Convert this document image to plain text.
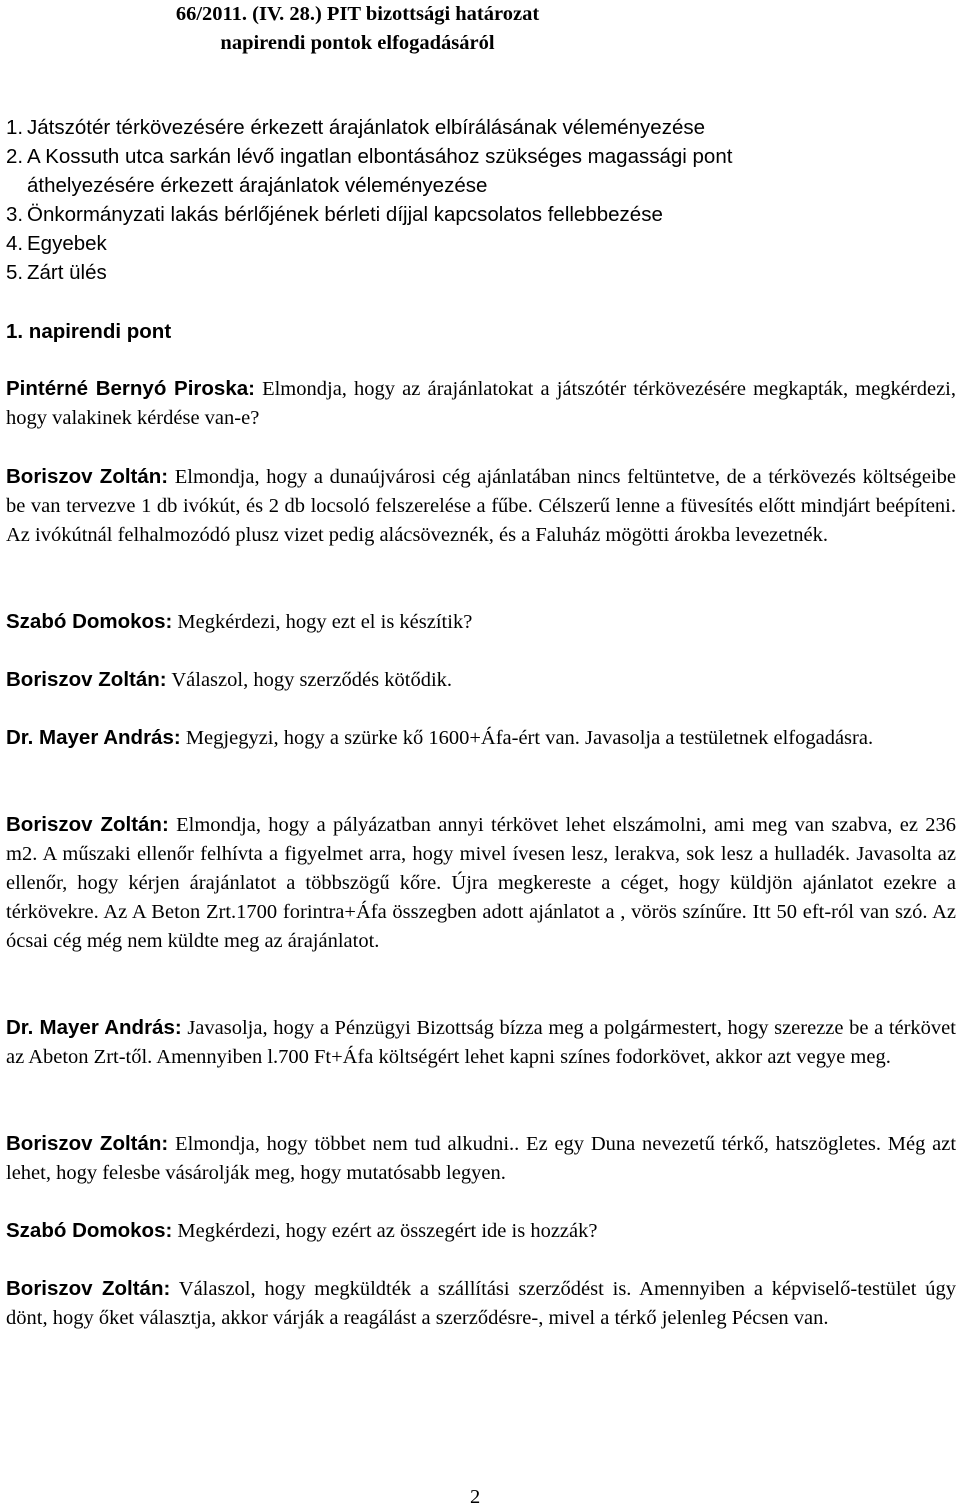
66/2011. (IV. 28.) PIT bizottsági határozat
napirendi pontok elfogadásáról
1. Játszótér térkövezésére érkezett árajánlatok elbírálásának véleményezése
2. A Kossuth utca sarkán lévő ingatlan elbontásához szükséges magassági pont áthelyezésére érkezett árajánlatok véleményezése
3. Önkormányzati lakás bérlőjének bérleti díjjal kapcsolatos fellebbezése
4. Egyebek
5. Zárt ülés
1. napirendi pont

Pintérné Bernyó Piroska: Elmondja, hogy az árajánlatokat a játszótér térkövezésére megkapták, megkérdezi, hogy valakinek kérdése van-e?

Boriszov Zoltán: Elmondja, hogy a dunaújvárosi cég ajánlatában nincs feltüntetve, de a térkövezés költségeibe be van tervezve 1 db ivókút, és 2 db locsoló felszerelése a fűbe. Célszerű lenne a füvesítés előtt mindjárt beépíteni. Az ivókútnál felhalmozódó plusz vizet pedig alácsöveznék, és a Faluház mögötti árokba levezetnék.

Szabó Domokos: Megkérdezi, hogy ezt el is készítik?

Boriszov Zoltán: Válaszol, hogy szerződés kötődik.

Dr. Mayer András: Megjegyzi, hogy a szürke kő 1600+Áfa-ért van. Javasolja a testületnek elfogadásra.

Boriszov Zoltán: Elmondja, hogy a pályázatban annyi térkövet lehet elszámolni, ami meg van szabva, ez 236 m2. A műszaki ellenőr felhívta a figyelmet arra, hogy mivel ívesen lesz, lerakva, sok lesz a hulladék. Javasolta az ellenőr, hogy kérjen árajánlatot a többszögű kőre. Újra megkereste a céget, hogy küldjön ajánlatot ezekre a térkövekre. Az A Beton Zrt.1700 forintra+Áfa összegben adott ajánlatot a , vörös színűre. Itt 50 eft-ról van szó. Az ócsai cég még nem küldte meg az árajánlatot.

Dr. Mayer András: Javasolja, hogy a Pénzügyi Bizottság bízza meg a polgármestert, hogy szerezze be a térkövet az Abeton Zrt-től. Amennyiben l.700 Ft+Áfa költségért lehet kapni színes fodorkövet, akkor azt vegye meg.

Boriszov Zoltán: Elmondja, hogy többet nem tud alkudni.. Ez egy Duna nevezetű térkő, hatszögletes. Még azt lehet, hogy felesbe vásárolják meg, hogy mutatósabb legyen.

Szabó Domokos: Megkérdezi, hogy ezért az összegért ide is hozzák?

Boriszov Zoltán: Válaszol, hogy megküldték a szállítási szerződést is. Amennyiben a képviselő-testület úgy dönt, hogy őket választja, akkor várják a reagálást a szerződésre-, mivel a térkő jelenleg Pécsen van.

2
